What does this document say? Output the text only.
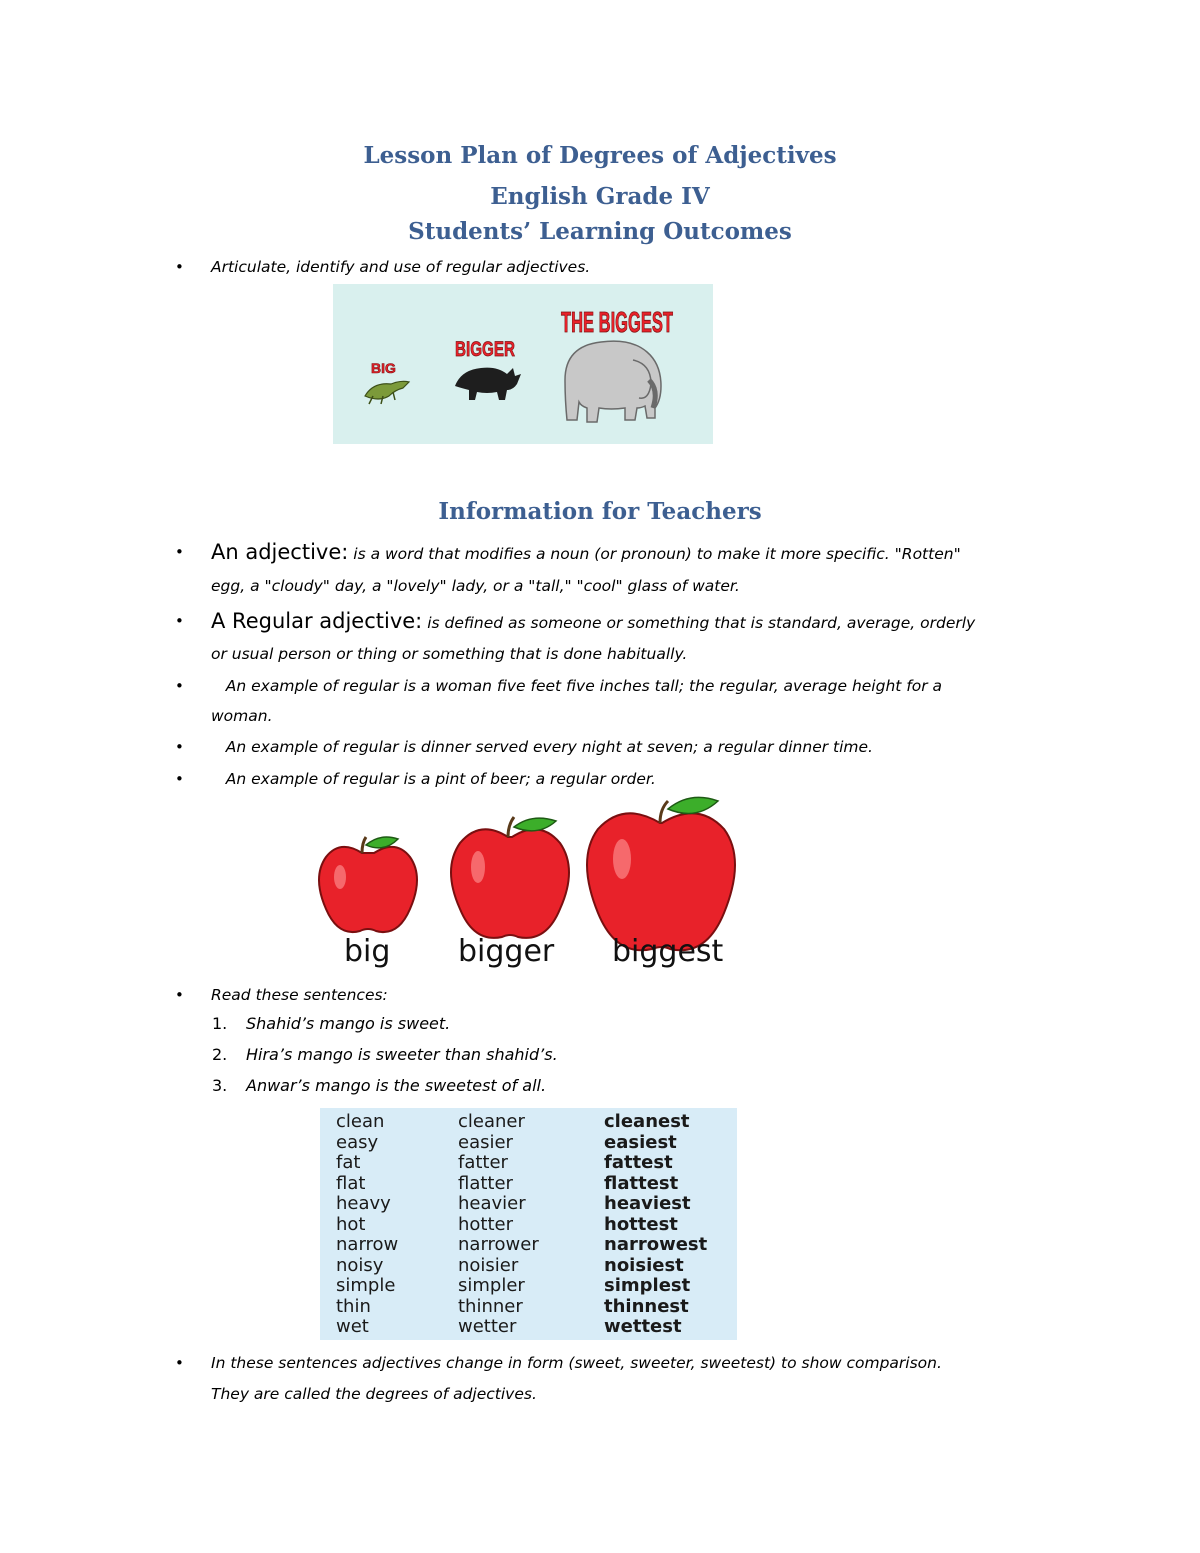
Lesson Plan of Degrees of Adjectives
English Grade IV
Students’ Learning Outcomes
• Articulate, identify and use of regular adjectives.
BIG
BIGGER
THE BIGGEST
Information for Teachers
• An adjective: is a word that modifies a noun (or pronoun) to make it more specific. "Rotten"
egg, a "cloudy" day, a "lovely" lady, or a "tall," "cool" glass of water.
• A Regular adjective: is defined as someone or something that is standard, average, orderly
or usual person or thing or something that is done habitually.
• An example of regular is a woman five feet five inches tall; the regular, average height for a
woman.
• An example of regular is dinner served every night at seven; a regular dinner time.
• An example of regular is a pint of beer; a regular order.
big bigger biggest
• Read these sentences:
1. Shahid’s mango is sweet.
2. Hira’s mango is sweeter than shahid’s.
3. Anwar’s mango is the sweetest of all.
clean
easy
fat
flat
heavy
hot
narrow
noisy
simple
thin
wet
cleaner
easier
fatter
flatter
heavier
hotter
narrower
noisier
simpler
thinner
wetter
cleanest
easiest
fattest
flattest
heaviest
hottest
narrowest
noisiest
simplest
thinnest
wettest
• In these sentences adjectives change in form (sweet, sweeter, sweetest) to show comparison.
They are called the degrees of adjectives.
